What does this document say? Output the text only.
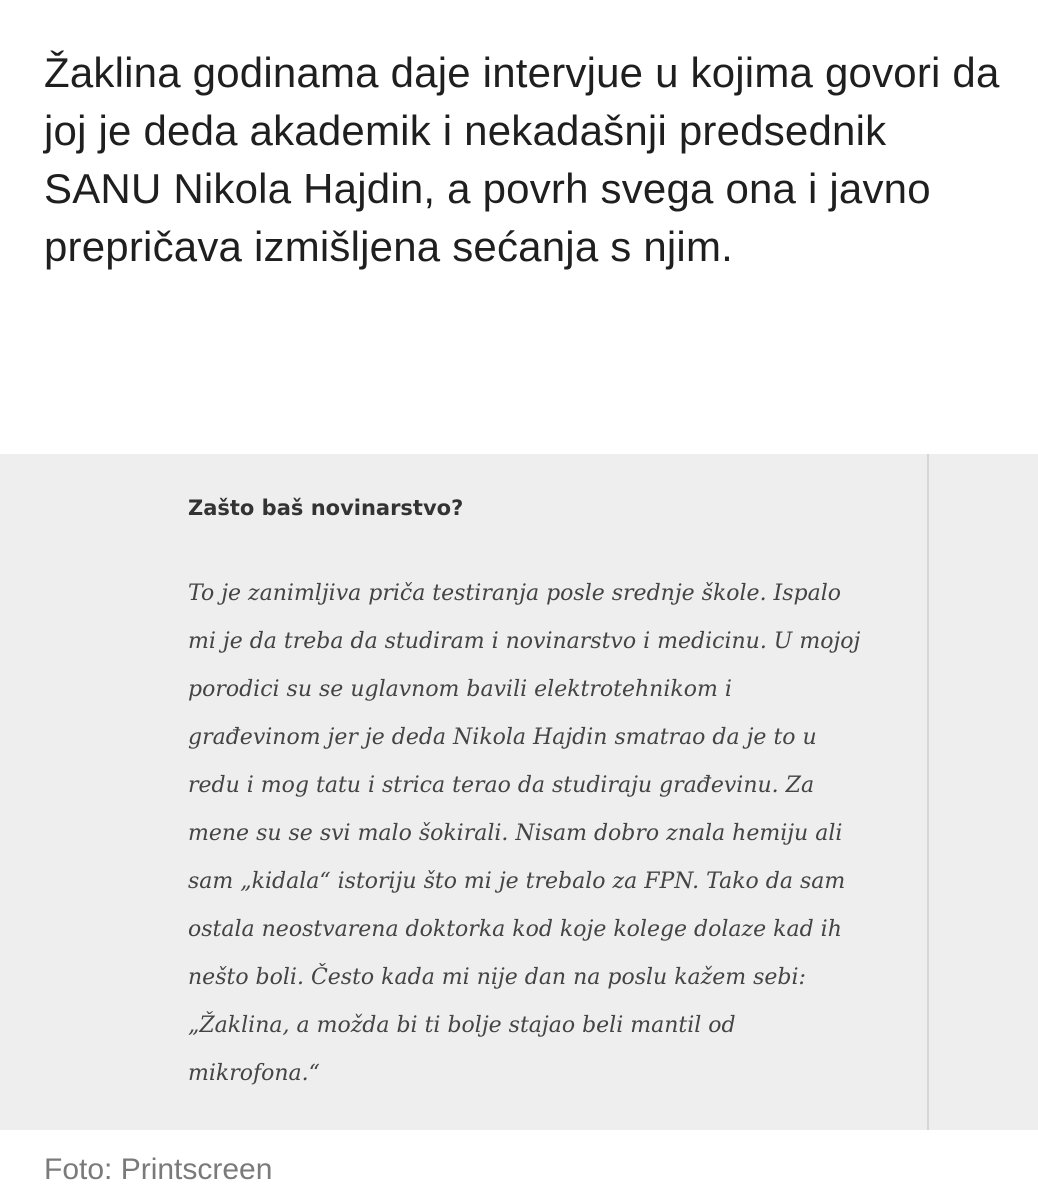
Žaklina godinama daje intervjue u kojima govori da joj je deda akademik i nekadašnji predsednik SANU Nikola Hajdin, a povrh svega ona i javno prepričava izmišljena sećanja s njim.

Zašto baš novinarstvo?

To je zanimljiva priča testiranja posle srednje škole. Ispalo
mi je da treba da studiram i novinarstvo i medicinu. U mojoj
porodici su se uglavnom bavili elektrotehnikom i
građevinom jer je deda Nikola Hajdin smatrao da je to u
redu i mog tatu i strica terao da studiraju građevinu. Za
mene su se svi malo šokirali. Nisam dobro znala hemiju ali
sam „kidala“ istoriju što mi je trebalo za FPN. Tako da sam
ostala neostvarena doktorka kod koje kolege dolaze kad ih
nešto boli. Često kada mi nije dan na poslu kažem sebi:
„Žaklina, a možda bi ti bolje stajao beli mantil od
mikrofona.“

Foto: Printscreen
